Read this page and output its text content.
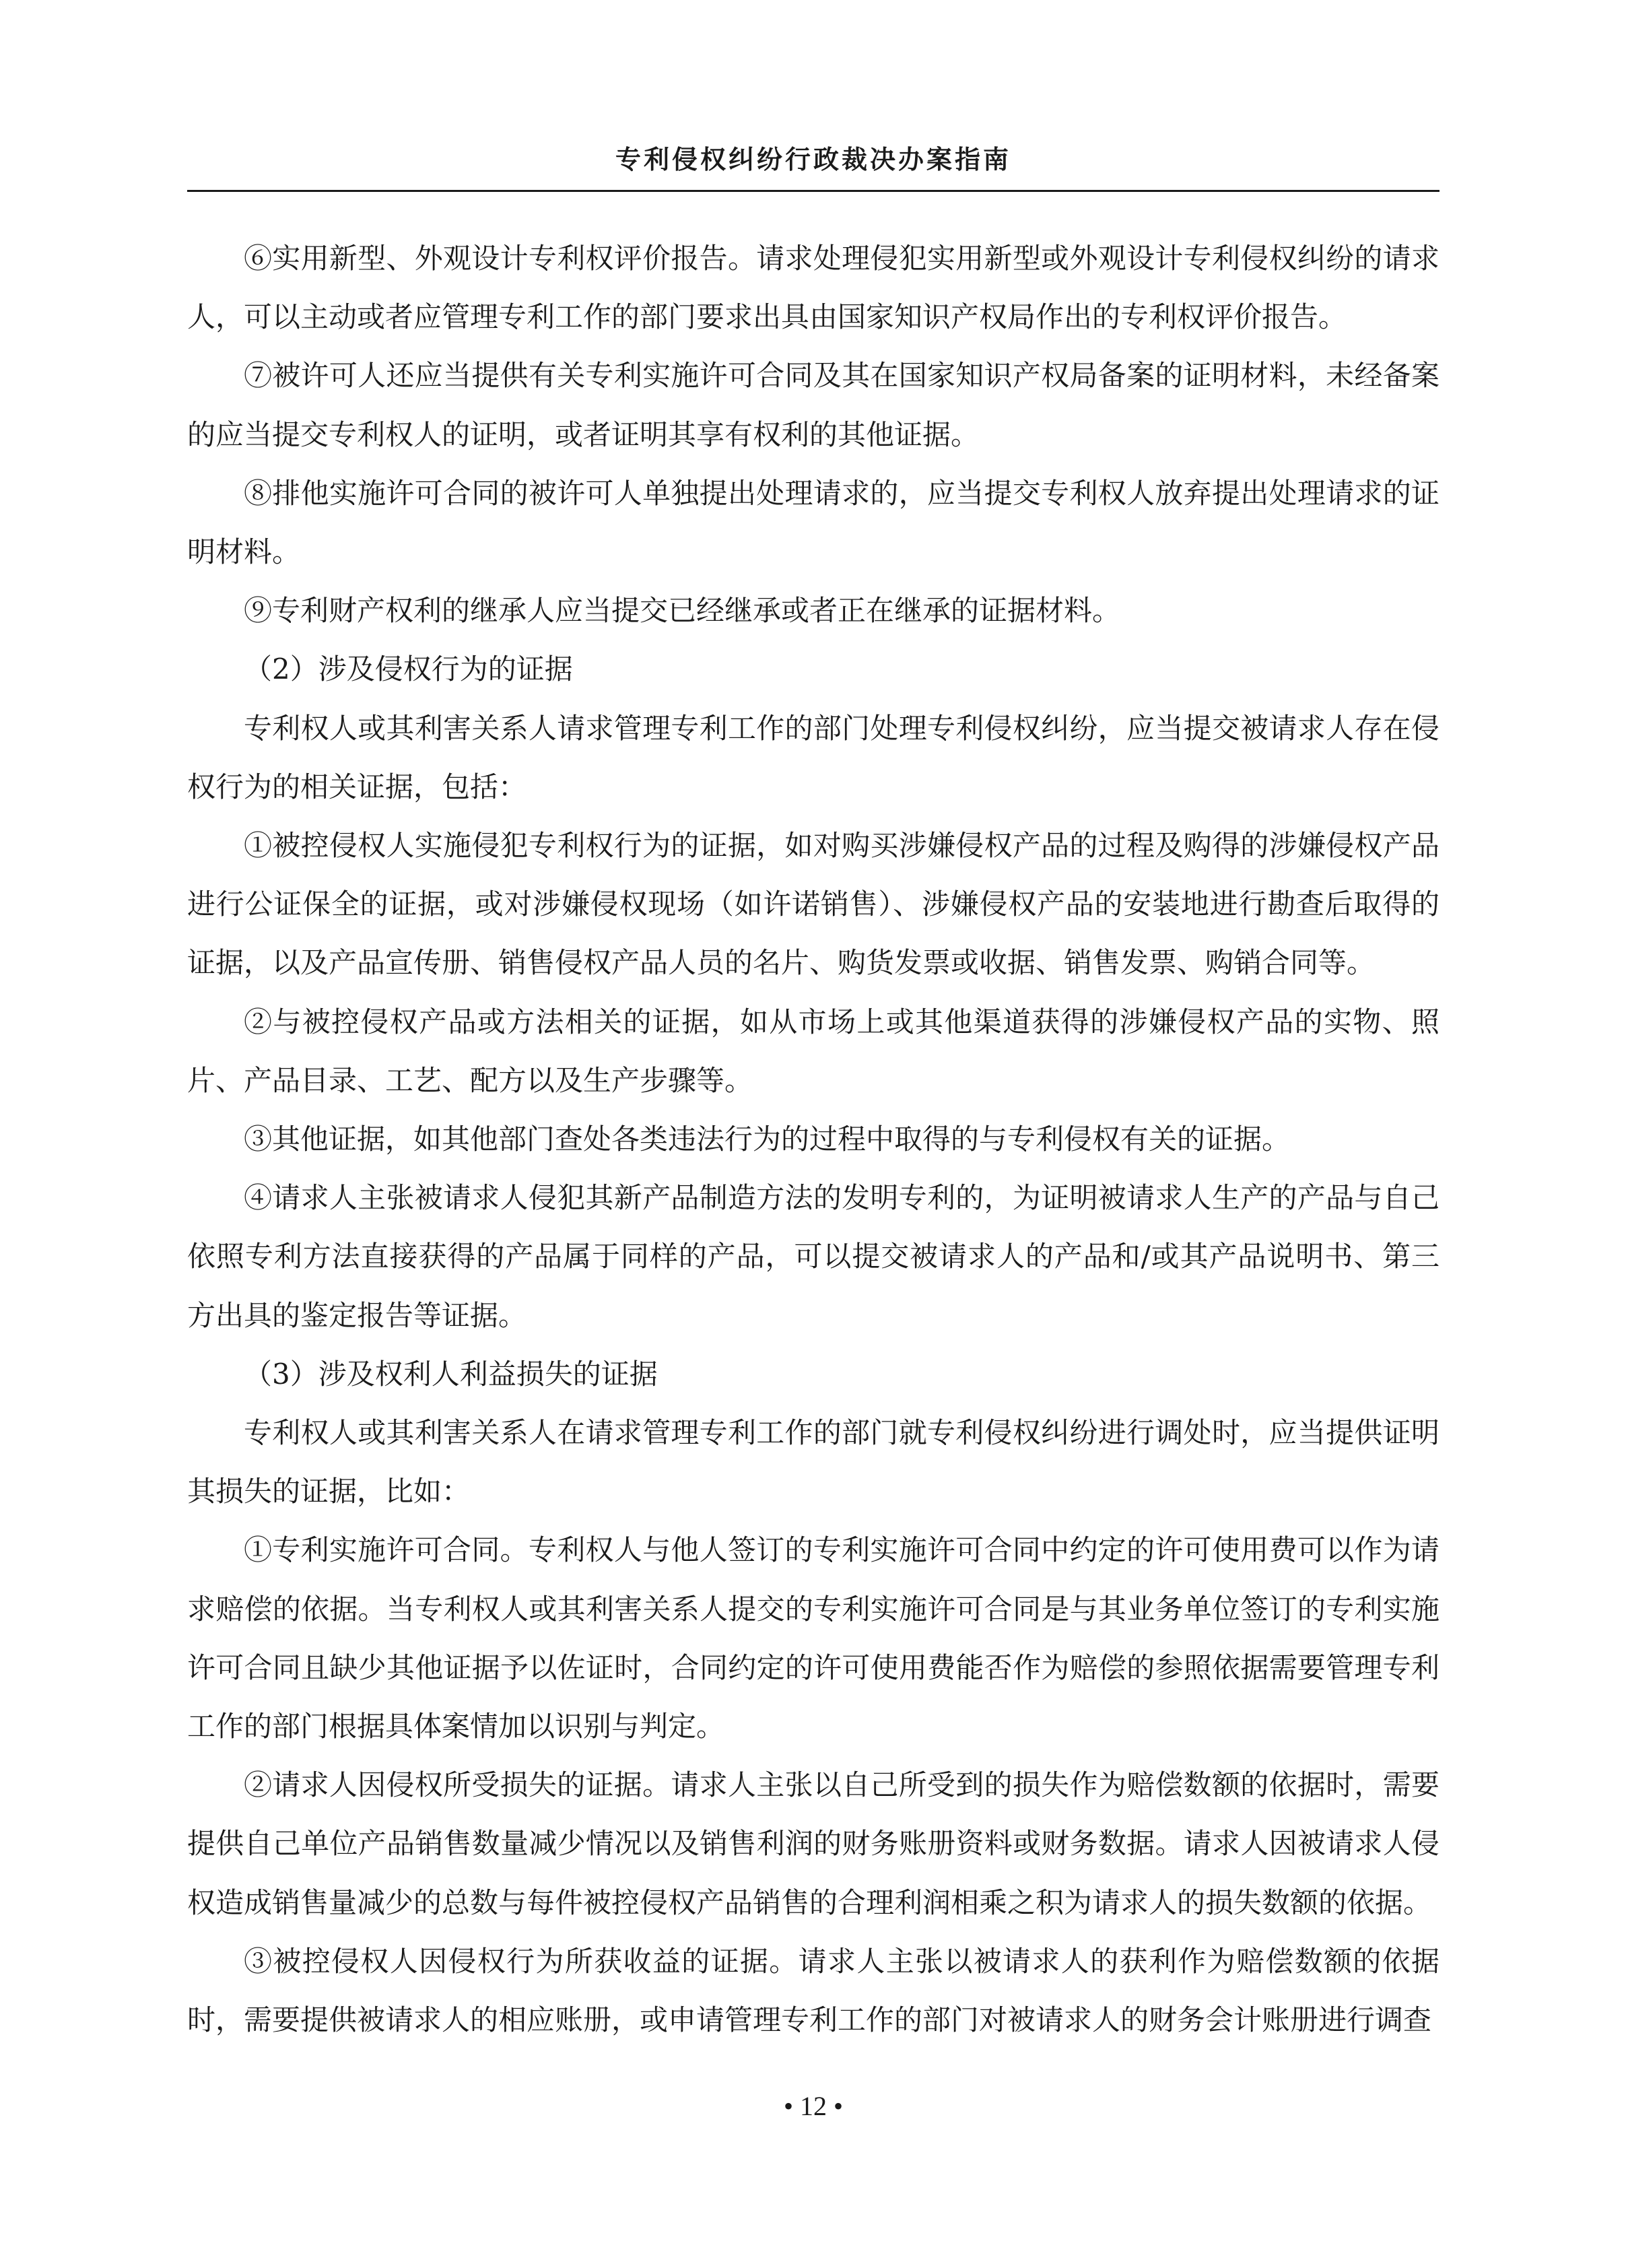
专利侵权纠纷行政裁决办案指南

⑥实用新型、外观设计专利权评价报告。请求处理侵犯实用新型或外观设计专利侵权纠纷的请求人，可以主动或者应管理专利工作的部门要求出具由国家知识产权局作出的专利权评价报告。

⑦被许可人还应当提供有关专利实施许可合同及其在国家知识产权局备案的证明材料，未经备案的应当提交专利权人的证明，或者证明其享有权利的其他证据。

⑧排他实施许可合同的被许可人单独提出处理请求的，应当提交专利权人放弃提出处理请求的证明材料。

⑨专利财产权利的继承人应当提交已经继承或者正在继承的证据材料。

（2）涉及侵权行为的证据

专利权人或其利害关系人请求管理专利工作的部门处理专利侵权纠纷，应当提交被请求人存在侵权行为的相关证据，包括：

①被控侵权人实施侵犯专利权行为的证据，如对购买涉嫌侵权产品的过程及购得的涉嫌侵权产品进行公证保全的证据，或对涉嫌侵权现场（如许诺销售）、涉嫌侵权产品的安装地进行勘查后取得的证据，以及产品宣传册、销售侵权产品人员的名片、购货发票或收据、销售发票、购销合同等。

②与被控侵权产品或方法相关的证据，如从市场上或其他渠道获得的涉嫌侵权产品的实物、照片、产品目录、工艺、配方以及生产步骤等。

③其他证据，如其他部门查处各类违法行为的过程中取得的与专利侵权有关的证据。

④请求人主张被请求人侵犯其新产品制造方法的发明专利的，为证明被请求人生产的产品与自己依照专利方法直接获得的产品属于同样的产品，可以提交被请求人的产品和/或其产品说明书、第三方出具的鉴定报告等证据。

（3）涉及权利人利益损失的证据

专利权人或其利害关系人在请求管理专利工作的部门就专利侵权纠纷进行调处时，应当提供证明其损失的证据，比如：

①专利实施许可合同。专利权人与他人签订的专利实施许可合同中约定的许可使用费可以作为请求赔偿的依据。当专利权人或其利害关系人提交的专利实施许可合同是与其业务单位签订的专利实施许可合同且缺少其他证据予以佐证时，合同约定的许可使用费能否作为赔偿的参照依据需要管理专利工作的部门根据具体案情加以识别与判定。

②请求人因侵权所受损失的证据。请求人主张以自己所受到的损失作为赔偿数额的依据时，需要提供自己单位产品销售数量减少情况以及销售利润的财务账册资料或财务数据。请求人因被请求人侵权造成销售量减少的总数与每件被控侵权产品销售的合理利润相乘之积为请求人的损失数额的依据。

③被控侵权人因侵权行为所获收益的证据。请求人主张以被请求人的获利作为赔偿数额的依据时，需要提供被请求人的相应账册，或申请管理专利工作的部门对被请求人的财务会计账册进行调查

• 12 •
